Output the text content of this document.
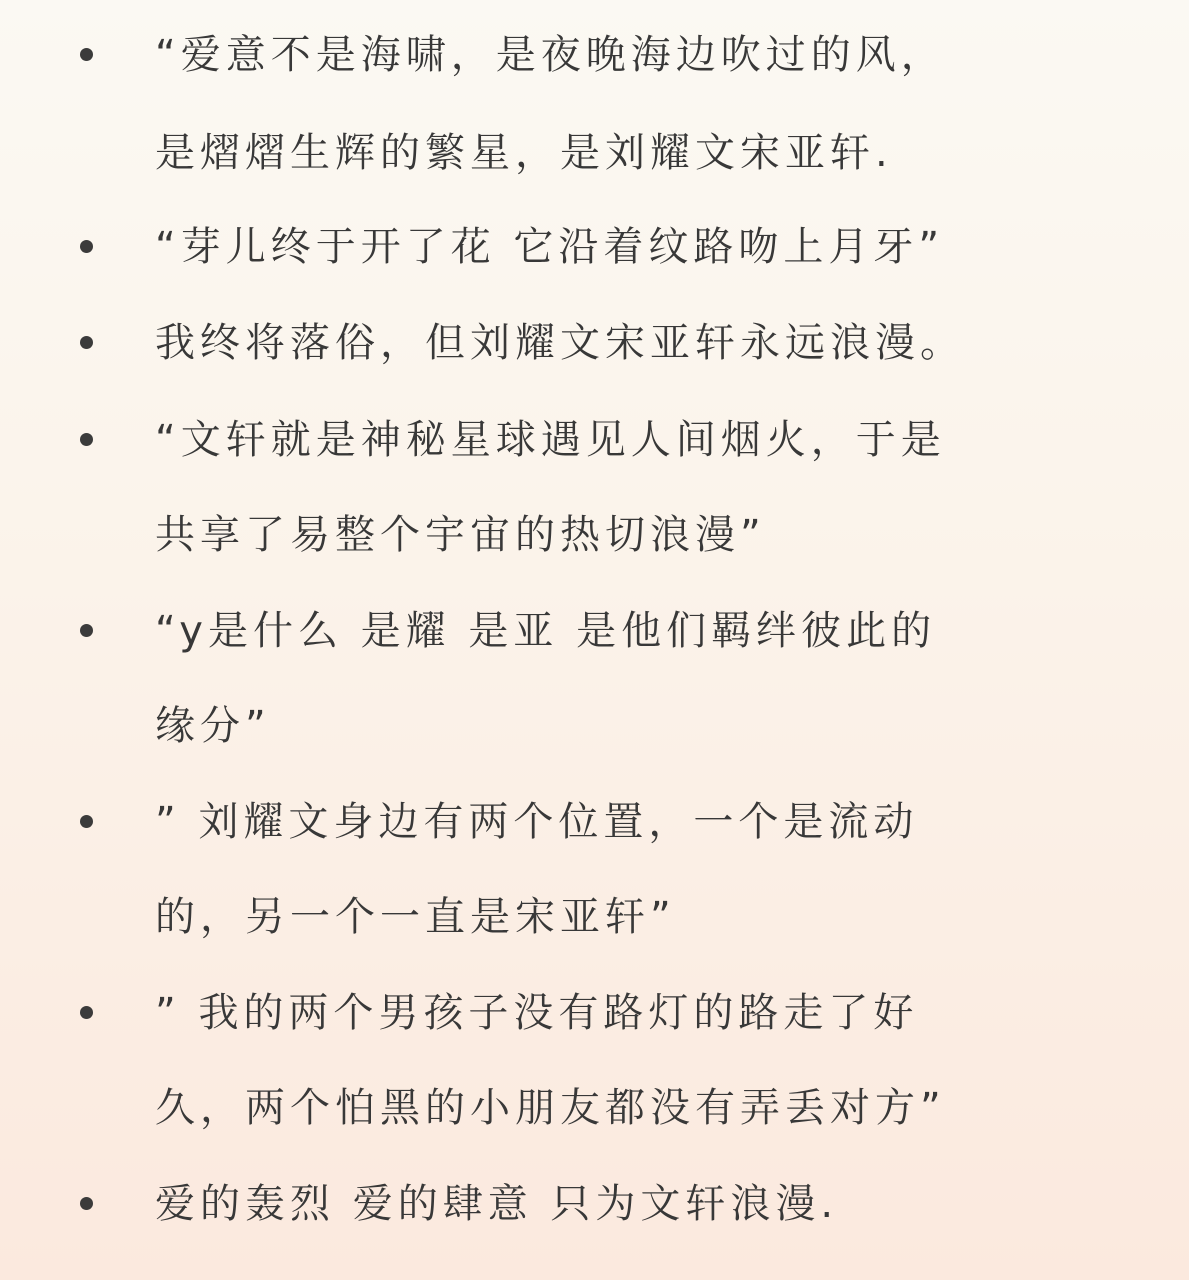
“爱意不是海啸，是夜晚海边吹过的风，
是熠熠生辉的繁星，是刘耀文宋亚轩.
“芽儿终于开了花 它沿着纹路吻上月牙”
我终将落俗，但刘耀文宋亚轩永远浪漫。
“文轩就是神秘星球遇见人间烟火，于是
共享了易整个宇宙的热切浪漫”
“y是什么 是耀 是亚 是他们羁绊彼此的
缘分”
” 刘耀文身边有两个位置，一个是流动
的，另一个一直是宋亚轩”
” 我的两个男孩子没有路灯的路走了好
久，两个怕黑的小朋友都没有弄丢对方”
爱的轰烈 爱的肆意 只为文轩浪漫.
